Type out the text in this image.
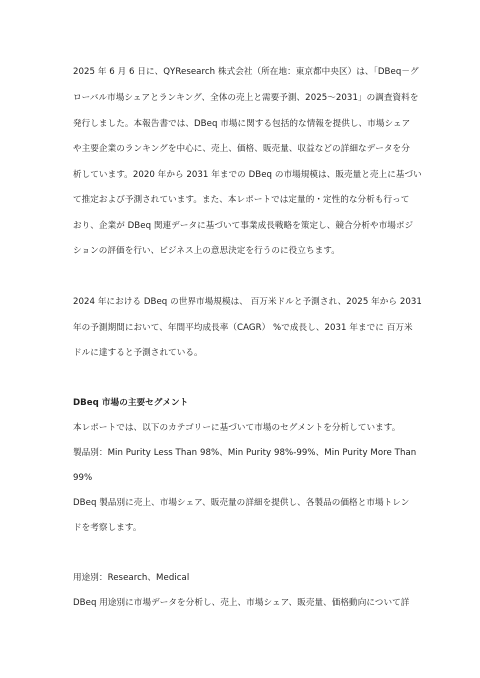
2025 年 6 月 6 日に、QYResearch 株式会社（所在地：東京都中央区）は、「DBeq－グ
ローバル市場シェアとランキング、全体の売上と需要予測、2025～2031」の調査資料を
発行しました。本報告書では、DBeq 市場に関する包括的な情報を提供し、市場シェア
や主要企業のランキングを中心に、売上、価格、販売量、収益などの詳細なデータを分
析しています。2020 年から 2031 年までの DBeq の市場規模は、販売量と売上に基づい
て推定および予測されています。また、本レポートでは定量的・定性的な分析も行って
おり、企業が DBeq 関連データに基づいて事業成長戦略を策定し、競合分析や市場ポジ
ションの評価を行い、ビジネス上の意思決定を行うのに役立ちます。
2024 年における DBeq の世界市場規模は、 百万米ドルと予測され、2025 年から 2031
年の予測期間において、年間平均成長率（CAGR） %で成長し、2031 年までに 百万米
ドルに達すると予測されている。
DBeq 市場の主要セグメント
本レポートでは、以下のカテゴリーに基づいて市場のセグメントを分析しています。
製品別：Min Purity Less Than 98%、Min Purity 98%-99%、Min Purity More Than
99%
DBeq 製品別に売上、市場シェア、販売量の詳細を提供し、各製品の価格と市場トレン
ドを考察します。
用途別：Research、Medical
DBeq 用途別に市場データを分析し、売上、市場シェア、販売量、価格動向について詳
